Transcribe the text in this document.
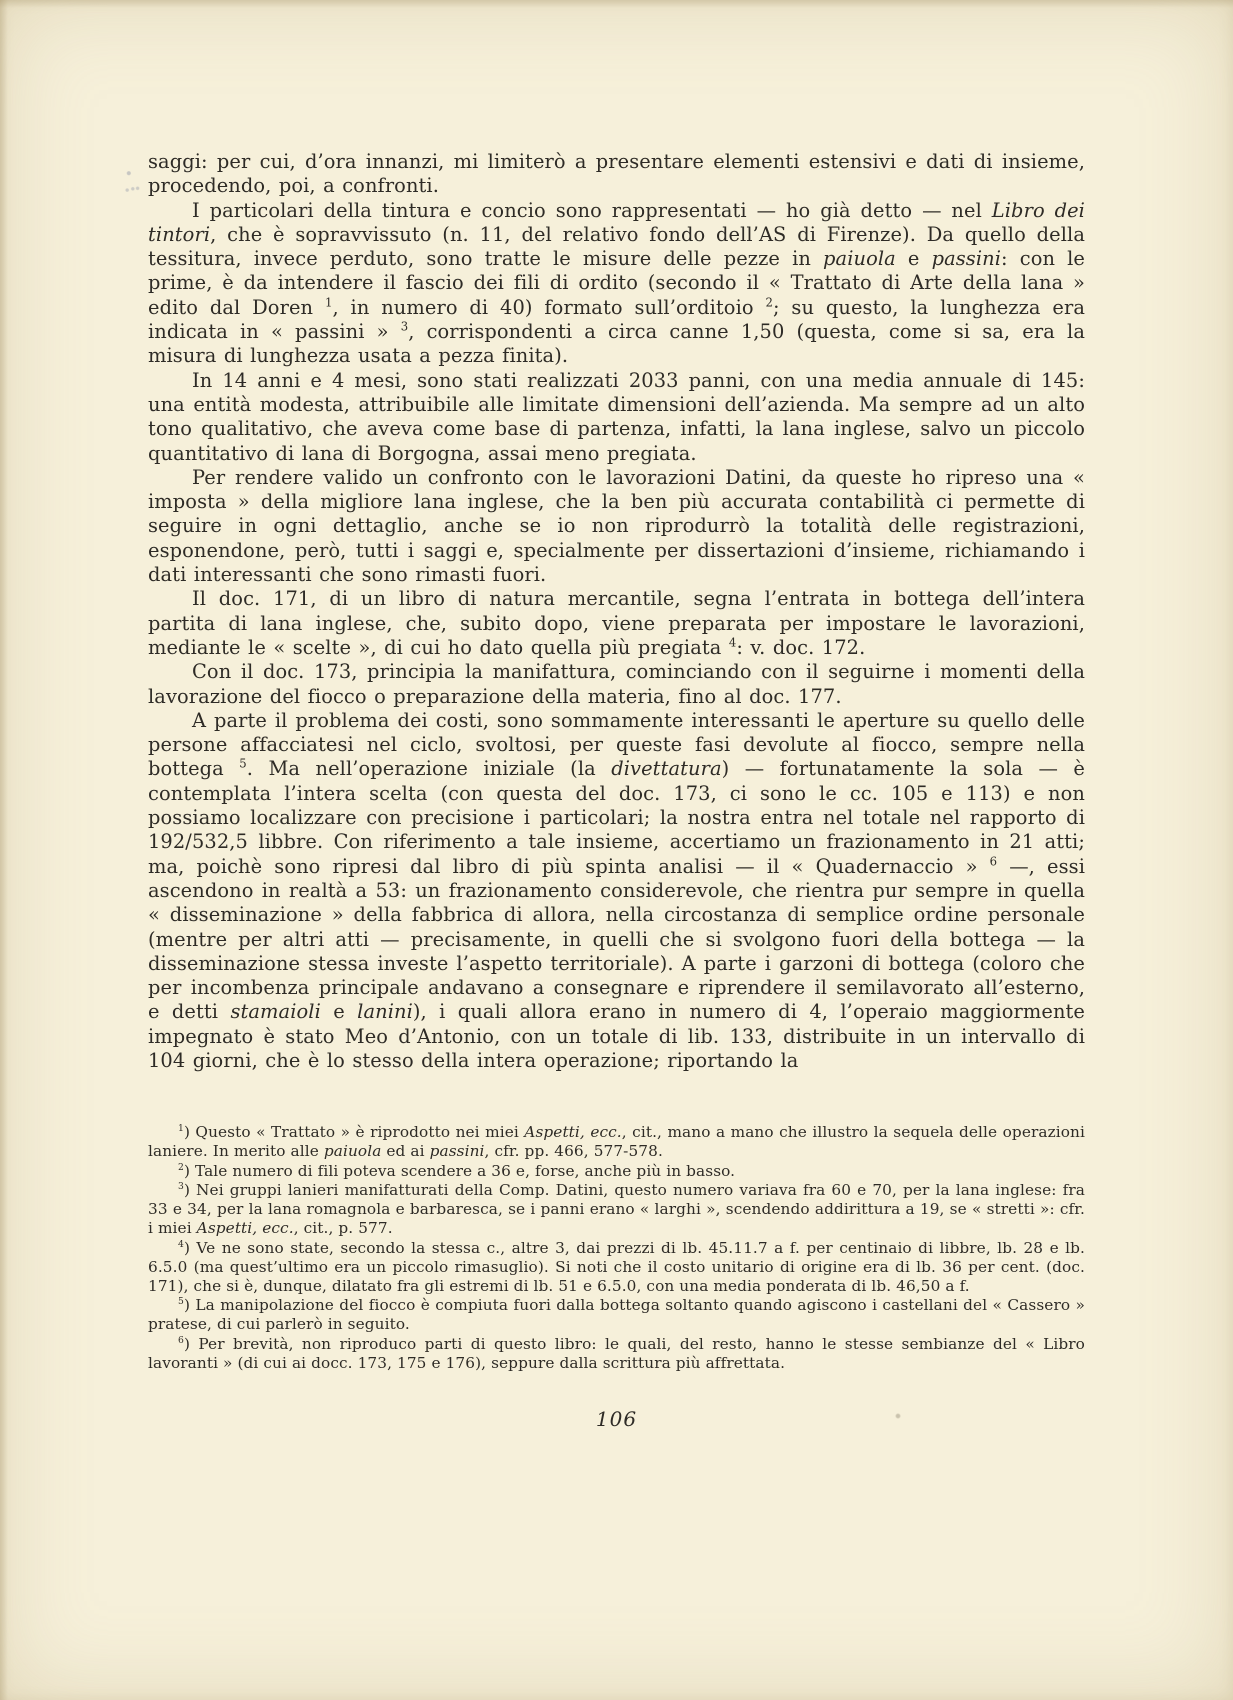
saggi: per cui, d’ora innanzi, mi limiterò a presentare elementi estensivi e dati di insieme, procedendo, poi, a confronti.

I particolari della tintura e concio sono rappresentati — ho già detto — nel Libro dei tintori, che è sopravvissuto (n. 11, del relativo fondo dell’AS di Firenze). Da quello della tessitura, invece perduto, sono tratte le misure delle pezze in paiuola e passini: con le prime, è da intendere il fascio dei fili di ordito (secondo il « Trattato di Arte della lana » edito dal Doren $^1$, in numero di 40) formato sull’orditoio $^2$; su questo, la lunghezza era indicata in « passini » $^3$, corrispondenti a circa canne 1,50 (questa, come si sa, era la misura di lunghezza usata a pezza finita).

In 14 anni e 4 mesi, sono stati realizzati 2033 panni, con una media annuale di 145: una entità modesta, attribuibile alle limitate dimensioni dell’azienda. Ma sempre ad un alto tono qualitativo, che aveva come base di partenza, infatti, la lana inglese, salvo un piccolo quantitativo di lana di Borgogna, assai meno pregiata.

Per rendere valido un confronto con le lavorazioni Datini, da queste ho ripreso una « imposta » della migliore lana inglese, che la ben più accurata contabilità ci permette di seguire in ogni dettaglio, anche se io non riprodurrò la totalità delle registrazioni, esponendone, però, tutti i saggi e, specialmente per dissertazioni d’insieme, richiamando i dati interessanti che sono rimasti fuori.

Il doc. 171, di un libro di natura mercantile, segna l’entrata in bottega dell’intera partita di lana inglese, che, subito dopo, viene preparata per impostare le lavorazioni, mediante le « scelte », di cui ho dato quella più pregiata $^4$: v. doc. 172.

Con il doc. 173, principia la manifattura, cominciando con il seguirne i momenti della lavorazione del fiocco o preparazione della materia, fino al doc. 177.

A parte il problema dei costi, sono sommamente interessanti le aperture su quello delle persone affacciatesi nel ciclo, svoltosi, per queste fasi devolute al fiocco, sempre nella bottega $^5$. Ma nell’operazione iniziale (la divettatura) — fortunatamente la sola — è contemplata l’intera scelta (con questa del doc. 173, ci sono le cc. 105 e 113) e non possiamo localizzare con precisione i particolari; la nostra entra nel totale nel rapporto di 192/532,5 libbre. Con riferimento a tale insieme, accertiamo un frazionamento in 21 atti; ma, poichè sono ripresi dal libro di più spinta analisi — il « Quadernaccio » $^6$ —, essi ascendono in realtà a 53: un frazionamento considerevole, che rientra pur sempre in quella « disseminazione » della fabbrica di allora, nella circostanza di semplice ordine personale (mentre per altri atti — precisamente, in quelli che si svolgono fuori della bottega — la disseminazione stessa investe l’aspetto territoriale). A parte i garzoni di bottega (coloro che per incombenza principale andavano a consegnare e riprendere il semilavorato all’esterno, e detti stamaioli e lanini), i quali allora erano in numero di 4, l’operaio maggiormente impegnato è stato Meo d’Antonio, con un totale di lib. 133, distribuite in un intervallo di 104 giorni, che è lo stesso della intera operazione; riportando la

$^1$) Questo « Trattato » è riprodotto nei miei Aspetti, ecc., cit., mano a mano che illustro la sequela delle operazioni laniere. In merito alle paiuola ed ai passini, cfr. pp. 466, 577-578.

$^2$) Tale numero di fili poteva scendere a 36 e, forse, anche più in basso.

$^3$) Nei gruppi lanieri manifatturati della Comp. Datini, questo numero variava fra 60 e 70, per la lana inglese: fra 33 e 34, per la lana romagnola e barbaresca, se i panni erano « larghi », scendendo addirittura a 19, se « stretti »: cfr. i miei Aspetti, ecc., cit., p. 577.

$^4$) Ve ne sono state, secondo la stessa c., altre 3, dai prezzi di lb. 45.11.7 a f. per centinaio di libbre, lb. 28 e lb. 6.5.0 (ma quest’ultimo era un piccolo rimasuglio). Si noti che il costo unitario di origine era di lb. 36 per cent. (doc. 171), che si è, dunque, dilatato fra gli estremi di lb. 51 e 6.5.0, con una media ponderata di lb. 46,50 a f.

$^5$) La manipolazione del fiocco è compiuta fuori dalla bottega soltanto quando agiscono i castellani del « Cassero » pratese, di cui parlerò in seguito.

$^6$) Per brevità, non riproduco parti di questo libro: le quali, del resto, hanno le stesse sembianze del « Libro lavoranti » (di cui ai docc. 173, 175 e 176), seppure dalla scrittura più affrettata.

106
